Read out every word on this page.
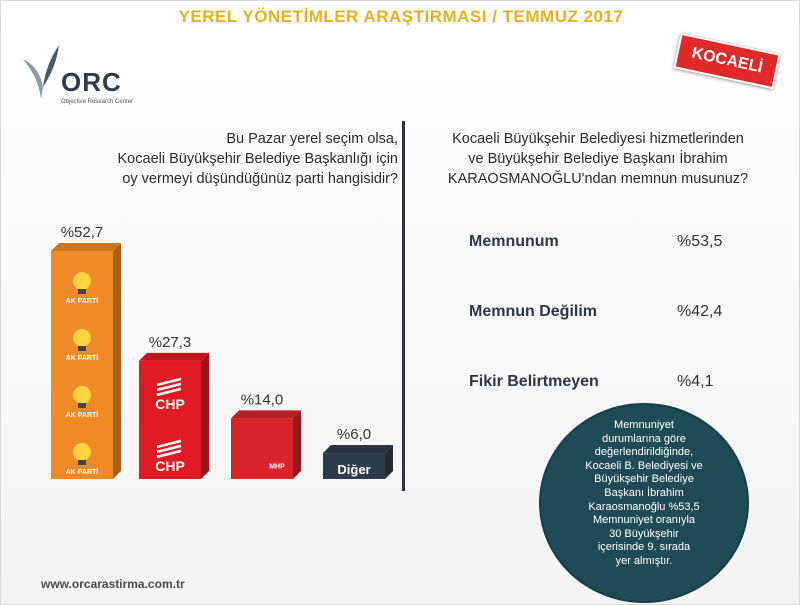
YEREL YÖNETİMLER ARAŞTIRMASI / TEMMUZ 2017
ORC
Objective Research Center
KOCAELİ
Bu Pazar yerel seçim olsa,
Kocaeli Büyükşehir Belediye Başkanlığı için
oy vermeyi düşündüğünüz parti hangisidir?
%52,7
AK PARTİ
AK PARTİ
AK PARTİ
AK PARTİ
%27,3
CHP
CHP
%14,0
MHP
%6,0
Diğer
Kocaeli Büyükşehir Belediyesi hizmetlerinden
ve Büyükşehir Belediye Başkanı İbrahim
KARAOSMANOĞLU'ndan memnun musunuz?
Memnunum	%53,5
Memnun Değilim	%42,4
Fikir Belirtmeyen	%4,1
Memnuniyet
durumlarına göre
değerlendirildiğinde,
Kocaeli B. Belediyesi ve
Büyükşehir Belediye
Başkanı İbrahim
Karaosmanoğlu %53,5
Memnuniyet oranıyla
30 Büyükşehir
içerisinde 9. sırada
yer almıştır.
www.orcarastirma.com.tr
